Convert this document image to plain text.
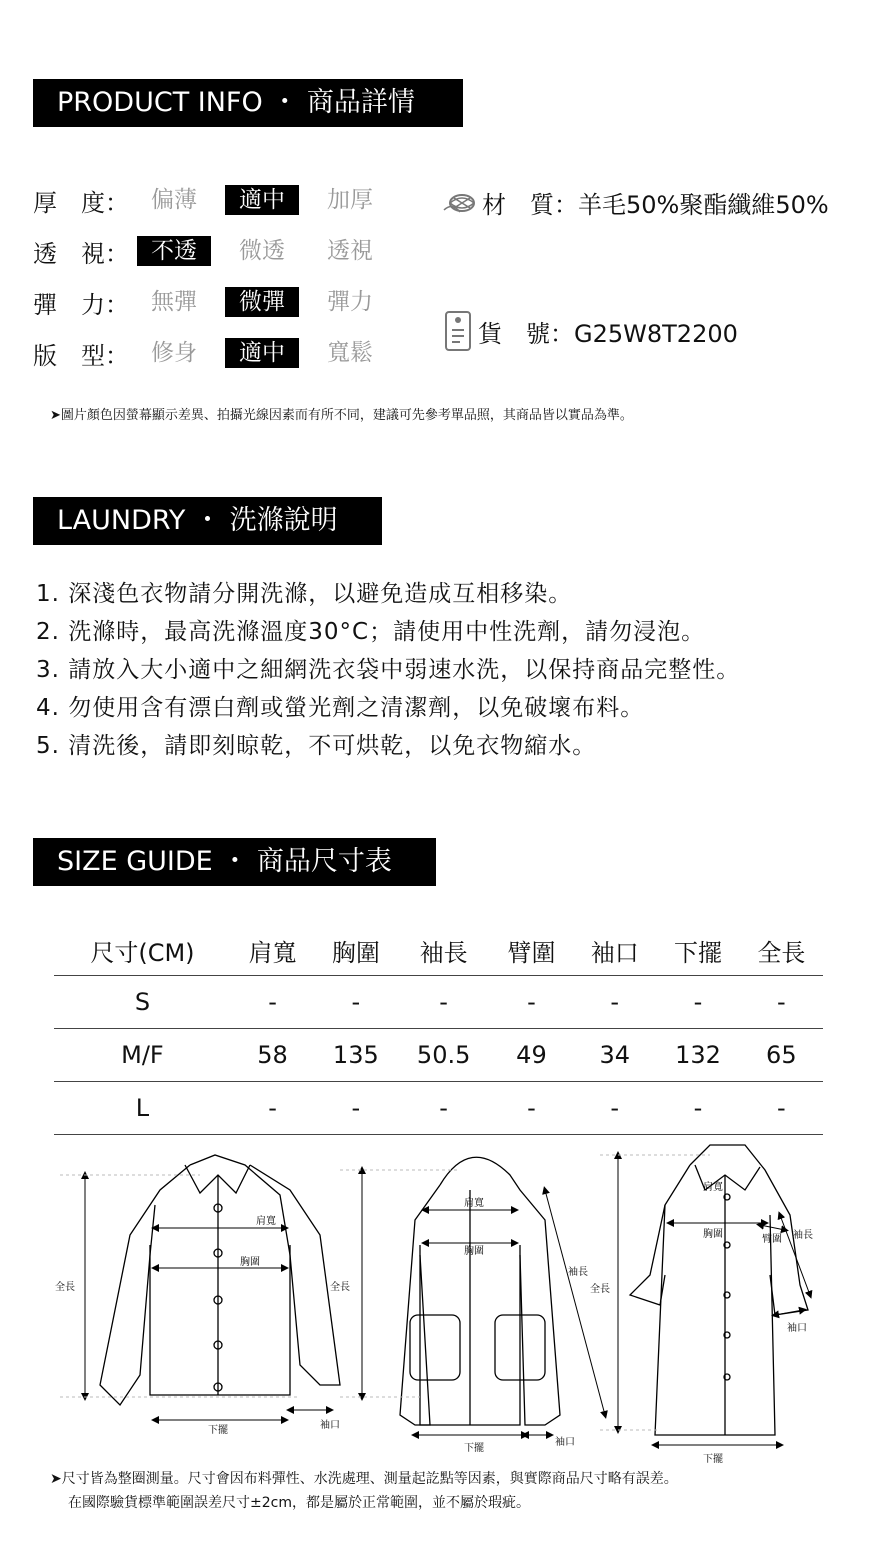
PRODUCT INFO ・ 商品詳情
厚　度： 偏薄	適中	加厚
透　視： 不透	微透	透視
彈　力： 無彈	微彈	彈力
版　型： 修身	適中	寬鬆
材　質：羊毛50%聚酯纖維50%
貨　號：G25W8T2200
➤圖片顏色因螢幕顯示差異、拍攝光線因素而有所不同，建議可先參考單品照，其商品皆以實品為準。
LAUNDRY ・ 洗滌說明
1. 深淺色衣物請分開洗滌，以避免造成互相移染。
2. 洗滌時，最高洗滌溫度30°C；請使用中性洗劑，請勿浸泡。
3. 請放入大小適中之細網洗衣袋中弱速水洗，以保持商品完整性。
4. 勿使用含有漂白劑或螢光劑之清潔劑，以免破壞布料。
5. 清洗後，請即刻晾乾，不可烘乾，以免衣物縮水。
SIZE GUIDE ・ 商品尺寸表
尺寸(CM)	肩寬	胸圍	袖長	臂圍	袖口	下擺	全長
S	-	-	-	-	-	-	-
M/F	58	135	50.5	49	34	132	65
L	-	-	-	-	-	-	-
全長
肩寬
胸圍
下擺	袖口
全長
肩寬
胸圍
袖長
下擺
袖口
全長
肩寬
胸圍	臂圍 袖長
袖口
下擺
➤尺寸皆為整圈測量。尺寸會因布料彈性、水洗處理、測量起訖點等因素，與實際商品尺寸略有誤差。
在國際驗貨標準範圍誤差尺寸±2cm，都是屬於正常範圍，並不屬於瑕疵。
